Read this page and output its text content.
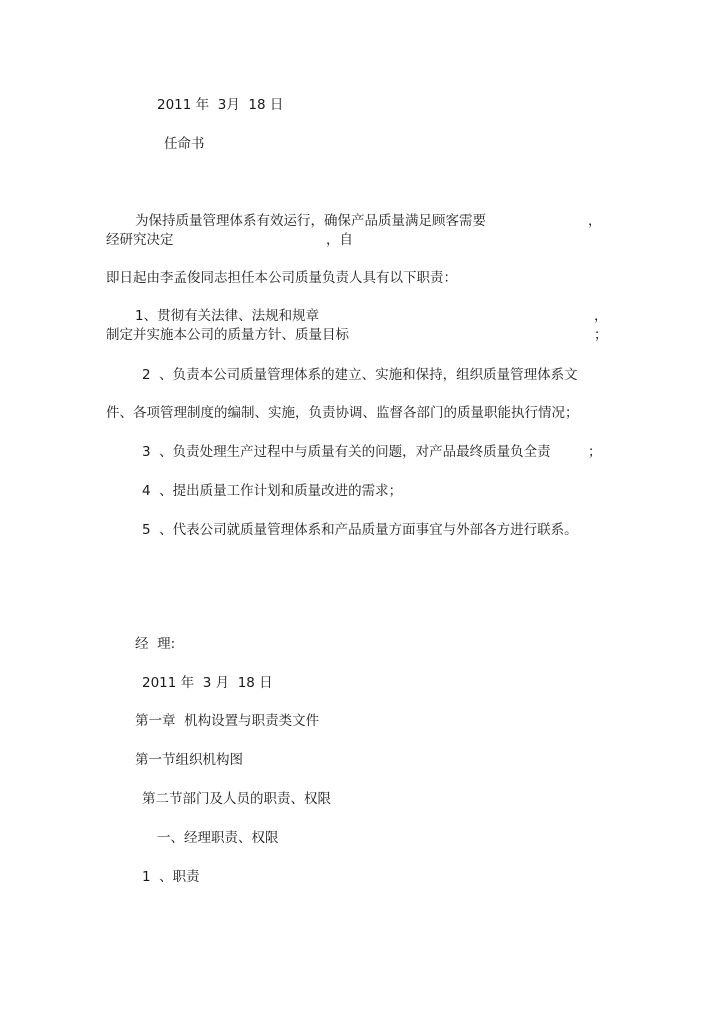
2011 年  3月  18 日
任命书
为保持质量管理体系有效运行，确保产品质量满足顾客需要	，
经研究决定	，自
即日起由李孟俊同志担任本公司质量负责人具有以下职责：
1、贯彻有关法律、法规和规章	，
制定并实施本公司的质量方针、质量目标	；
2  、负责本公司质量管理体系的建立、实施和保持，组织质量管理体系文
件、各项管理制度的编制、实施，负责协调、监督各部门的质量职能执行情况；
3  、负责处理生产过程中与质量有关的问题，对产品最终质量负全责	；
4  、提出质量工作计划和质量改进的需求；
5  、代表公司就质量管理体系和产品质量方面事宜与外部各方进行联系。
经  理:
2011 年  3 月  18 日
第一章  机构设置与职责类文件
第一节组织机构图
第二节部门及人员的职责、权限
一、经理职责、权限
1  、职责
